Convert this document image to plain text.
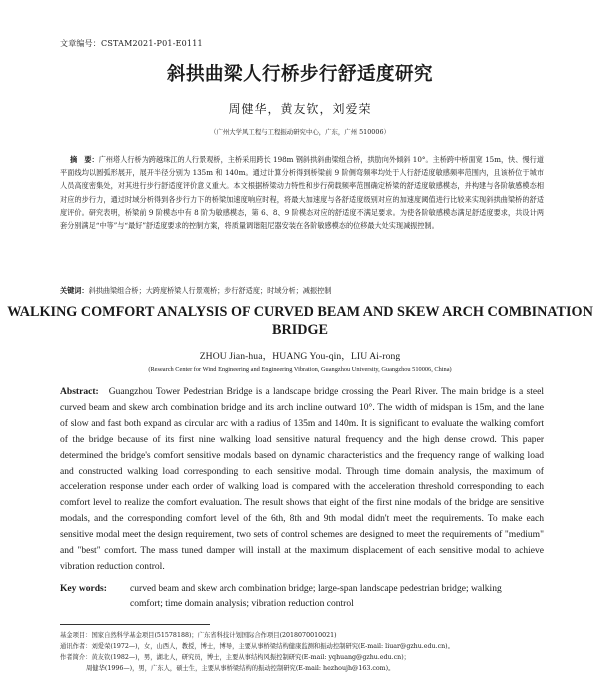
文章编号：CSTAM2021-P01-E0111
斜拱曲梁人行桥步行舒适度研究
周健华，黄友钦，刘爱荣
（广州大学风工程与工程振动研究中心，广东，广州 510006）

摘　要：广州塔人行桥为跨越珠江的人行景观桥，主桥采用跨长 198m 钢斜拱斜曲梁组合桥，拱肋向外倾斜 10°。主桥跨中桥面宽 15m，快、慢行道平面线均以圆弧形展开，展开半径分别为 135m 和 140m。通过计算分析得到桥梁前 9 阶侧弯频率均处于人行舒适度敏感频率范围内，且该桥位于城市人员高度密集处，对其进行步行舒适度评价意义重大。本文根据桥梁动力特性和步行荷载频率范围确定桥梁的舒适度敏感模态，并构建与各阶敏感模态相对应的步行力，通过时域分析得到各步行力下的桥梁加速度响应时程，将最大加速度与各舒适度级别对应的加速度阈值进行比较来实现斜拱曲梁桥的舒适度评价。研究表明，桥梁前 9 阶模态中有 8 阶为敏感模态，第 6、8、9 阶模态对应的舒适度不满足要求。为使各阶敏感模态满足舒适度要求，共设计两套分别满足“中等”与“最好”舒适度要求的控制方案，将质量调谐阻尼器安装在各阶敏感模态的位移最大处实现减振控制。

关键词：斜拱曲梁组合桥；大跨度桥梁人行景观桥；步行舒适度；时域分析；减振控制

WALKING COMFORT ANALYSIS OF CURVED BEAM AND SKEW ARCH COMBINATION BRIDGE
ZHOU Jian-hua，HUANG You-qin，LIU Ai-rong
(Research Center for Wind Engineering and Engineering Vibration, Guangzhou University, Guangzhou 510006, China)

Abstract: Guangzhou Tower Pedestrian Bridge is a landscape bridge crossing the Pearl River. The main bridge is a steel curved beam and skew arch combination bridge and its arch incline outward 10°. The width of midspan is 15m, and the lane of slow and fast both expand as circular arc with a radius of 135m and 140m. It is significant to evaluate the walking comfort of the bridge because of its first nine walking load sensitive natural frequency and the high dense crowd. This paper determined the bridge's comfort sensitive modals based on dynamic characteristics and the frequency range of walking load and constructed walking load corresponding to each sensitive modal. Through time domain analysis, the maximum of acceleration response under each order of walking load is compared with the acceleration threshold corresponding to each comfort level to realize the comfort evaluation. The result shows that eight of the first nine modals of the bridge are sensitive modals, and the corresponding comfort level of the 6th, 8th and 9th modal didn't meet the requirements. To make each sensitive modal meet the design requirement, two sets of control schemes are designed to meet the requirements of "medium" and "best" comfort. The mass tuned damper will install at the maximum displacement of each sensitive modal to achieve vibration reduction control.

Key words: curved beam and skew arch combination bridge; large-span landscape pedestrian bridge; walking
comfort; time domain analysis; vibration reduction control
基金项目：国家自然科学基金项目(51578188)；广东省科技计划国际合作项目(2018070010021)
通讯作者：刘爱荣(1972—)，女，山西人，教授，博士，博导，主要从事桥梁结构健康监测和振动控制研究(E-mail: liuar@gzhu.edu.cn)。
作者简介：黄友钦(1982—)，男，湖北人，研究员，博士，主要从事结构风振控制研究(E-mail: yqhuang@gzhu.edu.cn)；
周健华(1996—)，男，广东人，硕士生，主要从事桥梁结构的振动控制研究(E-mail: hezhoujh@163.com)。
